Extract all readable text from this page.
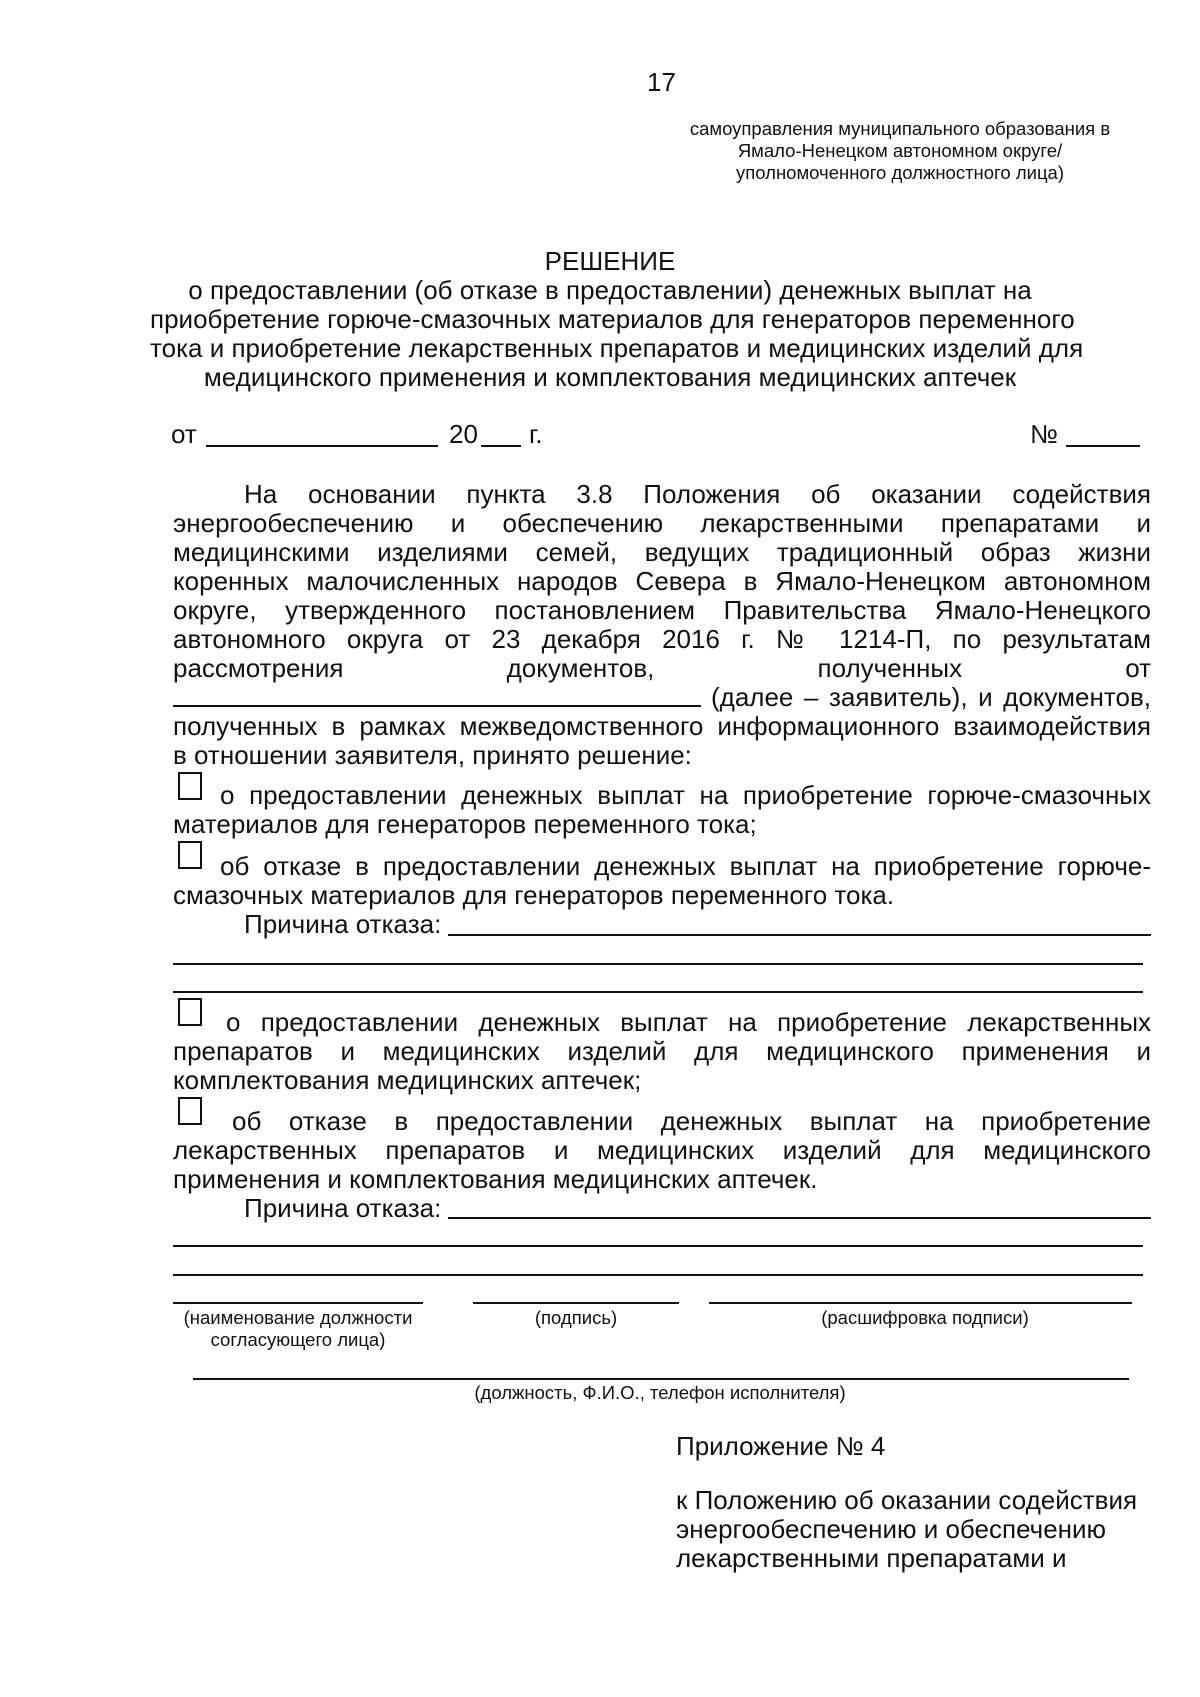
17
самоуправления муниципального образования в
Ямало-Ненецком автономном округе/
уполномоченного должностного лица)
РЕШЕНИЕ
о предоставлении (об отказе в предоставлении) денежных выплат на
приобретение горюче-смазочных материалов для генераторов переменного
тока и приобретение лекарственных препаратов и медицинских изделий для
медицинского применения и комплектования медицинских аптечек
от	20 г.	№
На основании пункта 3.8 Положения об оказании содействия
энергообеспечению и обеспечению лекарственными препаратами и
медицинскими изделиями семей, ведущих традиционный образ жизни
коренных малочисленных народов Севера в Ямало-Ненецком автономном
округе, утвержденного постановлением Правительства Ямало-Ненецкого
автономного округа от 23 декабря 2016 г. № 1214-П, по результатам
рассмотрения документов, полученных от
(далее – заявитель), и документов,
полученных в рамках межведомственного информационного взаимодействия
в отношении заявителя, принято решение:
о предоставлении денежных выплат на приобретение горюче-смазочных
материалов для генераторов переменного тока;
об отказе в предоставлении денежных выплат на приобретение горюче-
смазочных материалов для генераторов переменного тока.
Причина отказа:
о предоставлении денежных выплат на приобретение лекарственных
препаратов и медицинских изделий для медицинского применения и
комплектования медицинских аптечек;
об отказе в предоставлении денежных выплат на приобретение
лекарственных препаратов и медицинских изделий для медицинского
применения и комплектования медицинских аптечек.
Причина отказа:
(наименование должности
согласующего лица)
(подпись)	(расшифровка подписи)
(должность, Ф.И.О., телефон исполнителя)
Приложение № 4
к Положению об оказании содействия
энергообеспечению и обеспечению
лекарственными препаратами и
